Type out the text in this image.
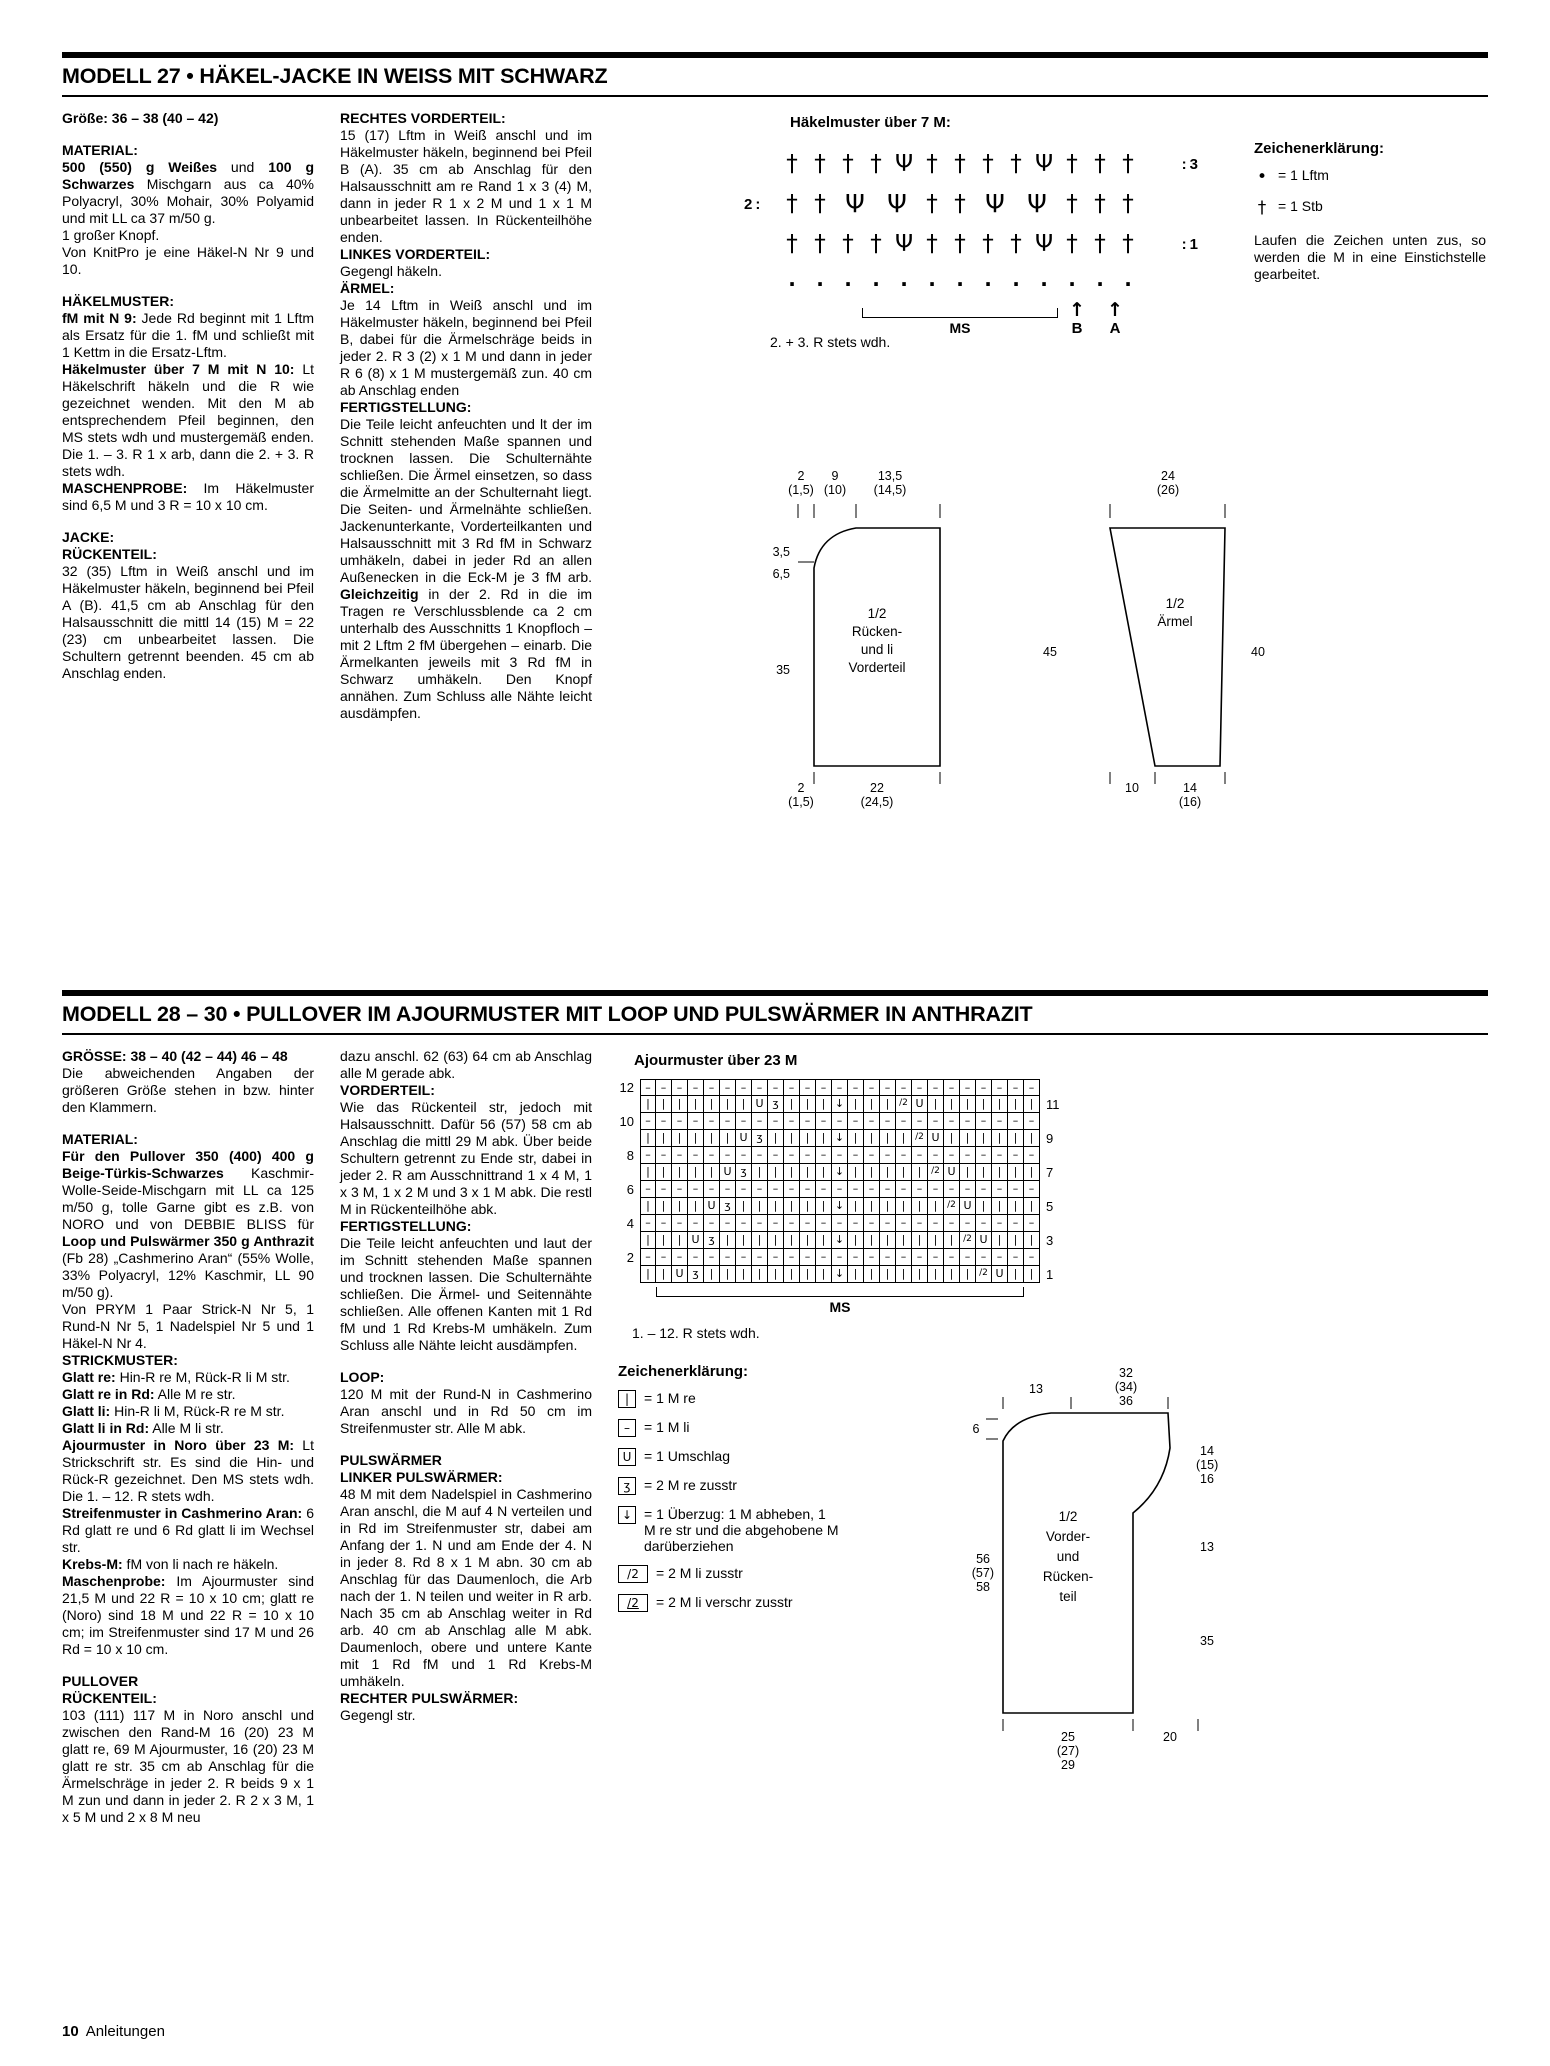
MODELL 27 • HÄKEL-JACKE IN WEISS MIT SCHWARZ

Größe: 36 – 38 (40 – 42)

MATERIAL:

500 (550) g Weißes und 100 g Schwarzes Mischgarn aus ca 40% Polyacryl, 30% Mohair, 30% Polyamid und mit LL ca 37 m/50 g.

1 großer Knopf.

Von KnitPro je eine Häkel-N Nr 9 und 10.

HÄKELMUSTER:

fM mit N 9: Jede Rd beginnt mit 1 Lftm als Ersatz für die 1. fM und schließt mit 1 Kettm in die Ersatz-Lftm.

Häkelmuster über 7 M mit N 10: Lt Häkelschrift häkeln und die R wie gezeichnet wenden. Mit den M ab entsprechendem Pfeil beginnen, den MS stets wdh und mustergemäß enden. Die 1. – 3. R 1 x arb, dann die 2. + 3. R stets wdh.

MASCHENPROBE: Im Häkelmuster sind 6,5 M und 3 R = 10 x 10 cm.

JACKE:

RÜCKENTEIL:

32 (35) Lftm in Weiß anschl und im Häkelmuster häkeln, beginnend bei Pfeil A (B). 41,5 cm ab Anschlag für den Halsausschnitt die mittl 14 (15) M = 22 (23) cm unbearbeitet lassen. Die Schultern getrennt beenden. 45 cm ab Anschlag enden.

RECHTES VORDERTEIL:

15 (17) Lftm in Weiß anschl und im Häkelmuster häkeln, beginnend bei Pfeil B (A). 35 cm ab Anschlag für den Halsausschnitt am re Rand 1 x 3 (4) M, dann in jeder R 1 x 2 M und 1 x 1 M unbearbeitet lassen. In Rückenteilhöhe enden.

LINKES VORDERTEIL:

Gegengl häkeln.

ÄRMEL:

Je 14 Lftm in Weiß anschl und im Häkelmuster häkeln, beginnend bei Pfeil B, dabei für die Ärmelschräge beids in jeder 2. R 3 (2) x 1 M und dann in jeder R 6 (8) x 1 M mustergemäß zun. 40 cm ab Anschlag enden

FERTIGSTELLUNG:

Die Teile leicht anfeuchten und lt der im Schnitt stehenden Maße spannen und trocknen lassen. Die Schulternähte schließen. Die Ärmel einsetzen, so dass die Ärmelmitte an der Schulternaht liegt. Die Seiten- und Ärmelnähte schließen. Jackenunterkante, Vorderteilkanten und Halsausschnitt mit 3 Rd fM in Schwarz umhäkeln, dabei in jeder Rd an allen Außenecken in die Eck-M je 3 fM arb. Gleichzeitig in der 2. Rd in die im Tragen re Verschlussblende ca 2 cm unterhalb des Ausschnitts 1 Knopfloch – mit 2 Lftm 2 fM übergehen – einarb. Die Ärmelkanten jeweils mit 3 Rd fM in Schwarz umhäkeln. Den Knopf annähen. Zum Schluss alle Nähte leicht ausdämpfen.

Häkelmuster über 7 M:
† † † † Ψ † † † † Ψ † † †	: 3
2 :	† † Ψ Ψ † † Ψ Ψ † † †
† † † † Ψ † † † † Ψ † † †	: 1
·	·	·	·	·	·	·	·	·	·	·	·	·
MS
↑
B
↑
A
2. + 3. R stets wdh.
Zeichenerklärung:
• = 1 Lftm
† = 1 Stb
Laufen die Zeichen unten zus, so werden die M in eine Einstichstelle gearbeitet.
2
(1,5)
9
(10)
13,5
(14,5)
24
(26)
3,5
6,5
35
45	40
1/2
Rücken-
und li
Vorderteil
1/2
Ärmel
2
(1,5)
22
(24,5)
10	14
(16)
MODELL 28 – 30 • PULLOVER IM AJOURMUSTER MIT LOOP UND PULSWÄRMER IN ANTHRAZIT

GRÖSSE: 38 – 40 (42 – 44) 46 – 48

Die abweichenden Angaben der größeren Größe stehen in bzw. hinter den Klammern.

MATERIAL:

Für den Pullover 350 (400) 400 g Beige-Türkis-Schwarzes Kaschmir-Wolle-Seide-Mischgarn mit LL ca 125 m/50 g, tolle Garne gibt es z.B. von NORO und von DEBBIE BLISS für Loop und Pulswärmer 350 g Anthrazit (Fb 28) „Cashmerino Aran“ (55% Wolle, 33% Polyacryl, 12% Kaschmir, LL 90 m/50 g).

Von PRYM 1 Paar Strick-N Nr 5, 1 Rund-N Nr 5, 1 Nadelspiel Nr 5 und 1 Häkel-N Nr 4.

STRICKMUSTER:

Glatt re: Hin-R re M, Rück-R li M str.

Glatt re in Rd: Alle M re str.

Glatt li: Hin-R li M, Rück-R re M str.

Glatt li in Rd: Alle M li str.

Ajourmuster in Noro über 23 M: Lt Strickschrift str. Es sind die Hin- und Rück-R gezeichnet. Den MS stets wdh. Die 1. – 12. R stets wdh.

Streifenmuster in Cashmerino Aran: 6 Rd glatt re und 6 Rd glatt li im Wechsel str.

Krebs-M: fM von li nach re häkeln.

Maschenprobe: Im Ajourmuster sind 21,5 M und 22 R = 10 x 10 cm; glatt re (Noro) sind 18 M und 22 R = 10 x 10 cm; im Streifenmuster sind 17 M und 26 Rd = 10 x 10 cm.

PULLOVER

RÜCKENTEIL:

103 (111) 117 M in Noro anschl und zwischen den Rand-M 16 (20) 23 M glatt re, 69 M Ajourmuster, 16 (20) 23 M glatt re str. 35 cm ab Anschlag für die Ärmelschräge in jeder 2. R beids 9 x 1 M zun und dann in jeder 2. R 2 x 3 M, 1 x 5 M und 2 x 8 M neu

dazu anschl. 62 (63) 64 cm ab Anschlag alle M gerade abk.

VORDERTEIL:

Wie das Rückenteil str, jedoch mit Halsausschnitt. Dafür 56 (57) 58 cm ab Anschlag die mittl 29 M abk. Über beide Schultern getrennt zu Ende str, dabei in jeder 2. R am Ausschnittrand 1 x 4 M, 1 x 3 M, 1 x 2 M und 3 x 1 M abk. Die restl M in Rückenteilhöhe abk.

FERTIGSTELLUNG:

Die Teile leicht anfeuchten und laut der im Schnitt stehenden Maße spannen und trocknen lassen. Die Schulternähte schließen. Die Ärmel- und Seitennähte schließen. Alle offenen Kanten mit 1 Rd fM und 1 Rd Krebs-M umhäkeln. Zum Schluss alle Nähte leicht ausdämpfen.

LOOP:

120 M mit der Rund-N in Cashmerino Aran anschl und in Rd 50 cm im Streifenmuster str. Alle M abk.

PULSWÄRMER

LINKER PULSWÄRMER:

48 M mit dem Nadelspiel in Cashmerino Aran anschl, die M auf 4 N verteilen und in Rd im Streifenmuster str, dabei am Anfang der 1. N und am Ende der 4. N in jeder 8. Rd 8 x 1 M abn. 30 cm ab Anschlag für das Daumenloch, die Arb nach der 1. N teilen und weiter in R arb. Nach 35 cm ab Anschlag weiter in Rd arb. 40 cm ab Anschlag alle M abk. Daumenloch, obere und untere Kante mit 1 Rd fM und 1 Rd Krebs-M umhäkeln.

RECHTER PULSWÄRMER:

Gegengl str.

Ajourmuster über 23 M
12	– – – – – – – – – – – – – – – – – – – – – – – – –
|	|	|	|	|	|	| U ʒ |	|	| ↓ |	|	|	/2 U |	|	|	|	|	|	| 11
10	– – – – – – – – – – – – – – – – – – – – – – – – –
|	|	|	|	|	| U ʒ |	|	|	| ↓ |	|	|	|	/2 U |	|	|	|	|	| 9
8	– – – – – – – – – – – – – – – – – – – – – – – – –
|	|	|	|	| U ʒ |	|	|	|	| ↓ |	|	|	|	|	/2 U |	|	|	|	| 7
6	– – – – – – – – – – – – – – – – – – – – – – – – –
|	|	|	| U ʒ |	|	|	|	|	| ↓ |	|	|	|	|	|	/2 U |	|	|	| 5
4	– – – – – – – – – – – – – – – – – – – – – – – – –
|	|	| U ʒ |	|	|	|	|	|	| ↓ |	|	|	|	|	|	|	/2 U |	|	| 3
2	– – – – – – – – – – – – – – – – – – – – – – – – –
|	| U ʒ |	|	|	|	|	|	|	| ↓ |	|	|	|	|	|	|	|	/2 U |	| 1
MS
1. – 12. R stets wdh.
Zeichenerklärung:
|	= 1 M re
–	= 1 M li
U = 1 Umschlag
ʒ = 2 M re zusstr
↓ = 1 Überzug: 1 M abheben, 1 M re str und die abgehobene M darüberziehen
/2	= 2 M li zusstr
/2	= 2 M li verschr zusstr
13
32
(34)
36
6
14
(15)
16
13
56
(57)
58
35
1/2
Vorder-
und
Rücken-
teil
25
(27)
29
20
10 Anleitungen
